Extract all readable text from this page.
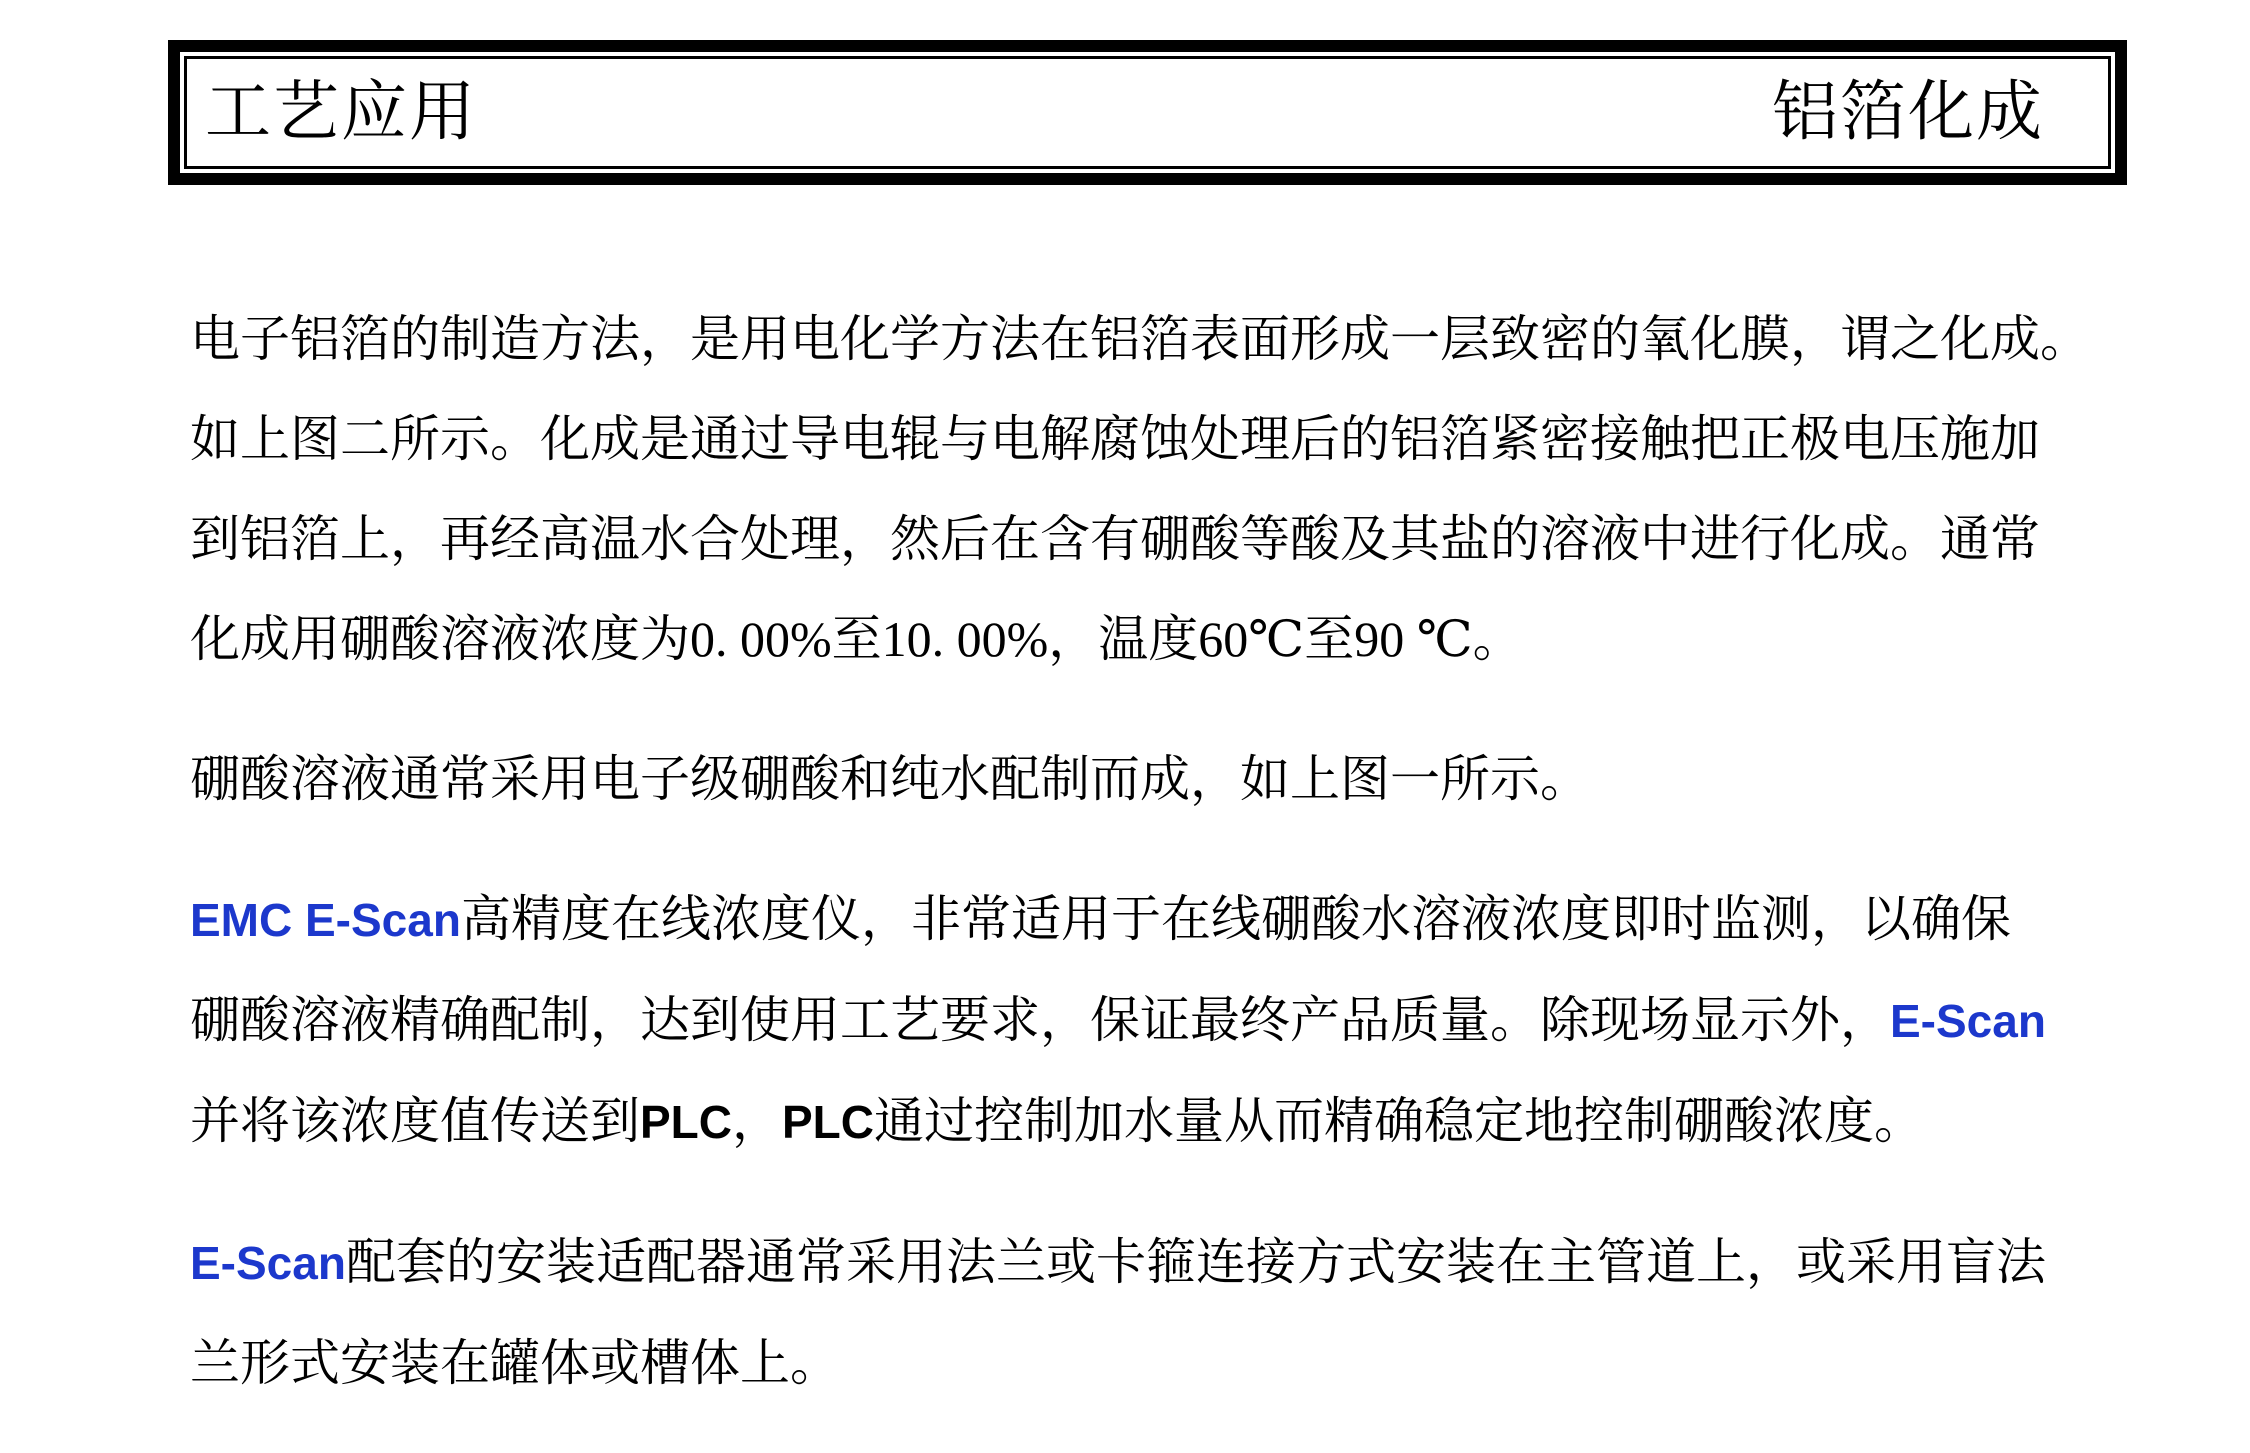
工艺应用	铝箔化成
电子铝箔的制造方法，是用电化学方法在铝箔表面形成一层致密的氧化膜，谓之化成。
如上图二所示。化成是通过导电辊与电解腐蚀处理后的铝箔紧密接触把正极电压施加
到铝箔上，再经高温水合处理，然后在含有硼酸等酸及其盐的溶液中进行化成。通常
化成用硼酸溶液浓度为0. 00%至10. 00%，温度60℃至90 ℃。
硼酸溶液通常采用电子级硼酸和纯水配制而成，如上图一所示。
EMC E-Scan高精度在线浓度仪，非常适用于在线硼酸水溶液浓度即时监测，以确保
硼酸溶液精确配制，达到使用工艺要求，保证最终产品质量。除现场显示外，E-Scan
并将该浓度值传送到PLC，PLC通过控制加水量从而精确稳定地控制硼酸浓度。
E-Scan配套的安装适配器通常采用法兰或卡箍连接方式安装在主管道上，或采用盲法
兰形式安装在罐体或槽体上。
